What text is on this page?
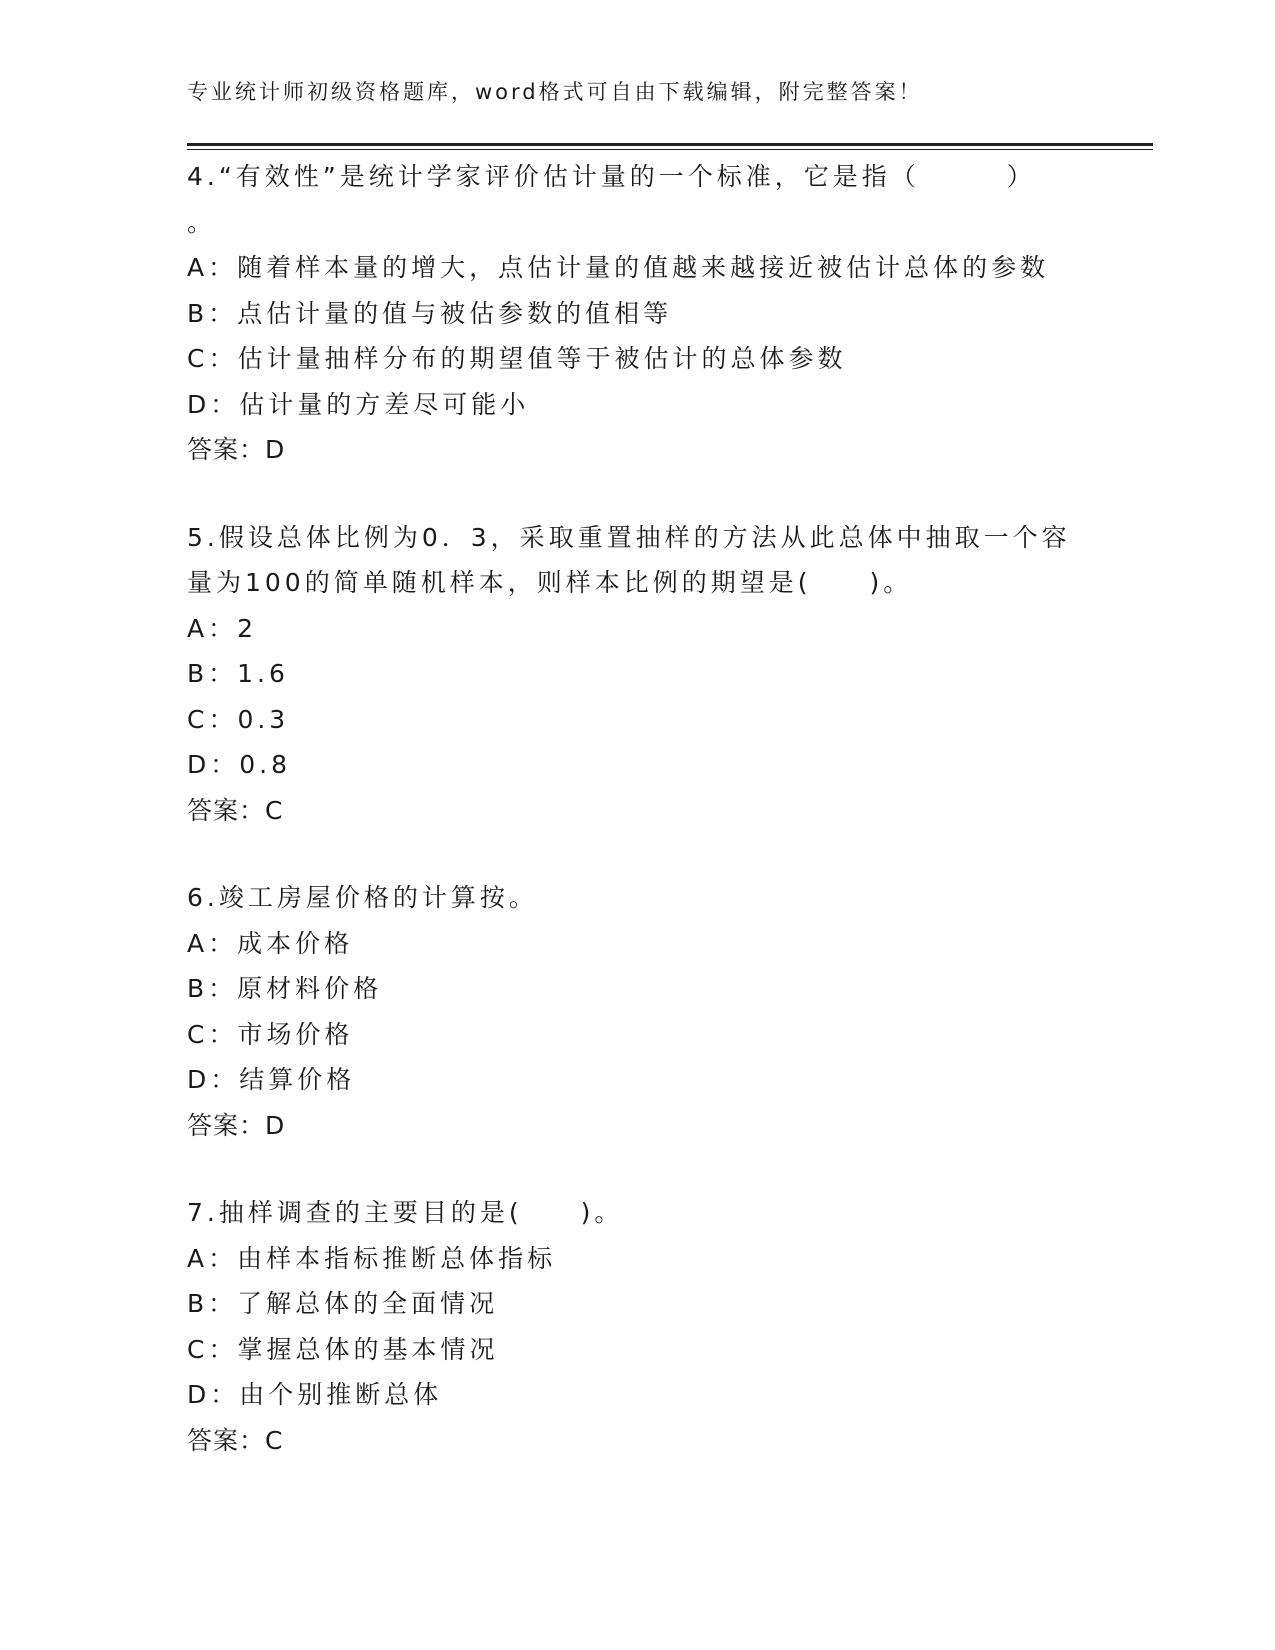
专业统计师初级资格题库，word格式可自由下载编辑，附完整答案！
4.“有效性”是统计学家评价估计量的一个标准，它是指（　　　）
。
A：随着样本量的增大，点估计量的值越来越接近被估计总体的参数
B：点估计量的值与被估参数的值相等
C：估计量抽样分布的期望值等于被估计的总体参数
D：估计量的方差尽可能小
答案：D
5.假设总体比例为0．3，采取重置抽样的方法从此总体中抽取一个容
量为100的简单随机样本，则样本比例的期望是(　　)。
A：2
B：1.6
C：0.3
D：0.8
答案：C
6.竣工房屋价格的计算按。
A：成本价格
B：原材料价格
C：市场价格
D：结算价格
答案：D
7.抽样调查的主要目的是(　　)。
A：由样本指标推断总体指标
B：了解总体的全面情况
C：掌握总体的基本情况
D：由个别推断总体
答案：C
